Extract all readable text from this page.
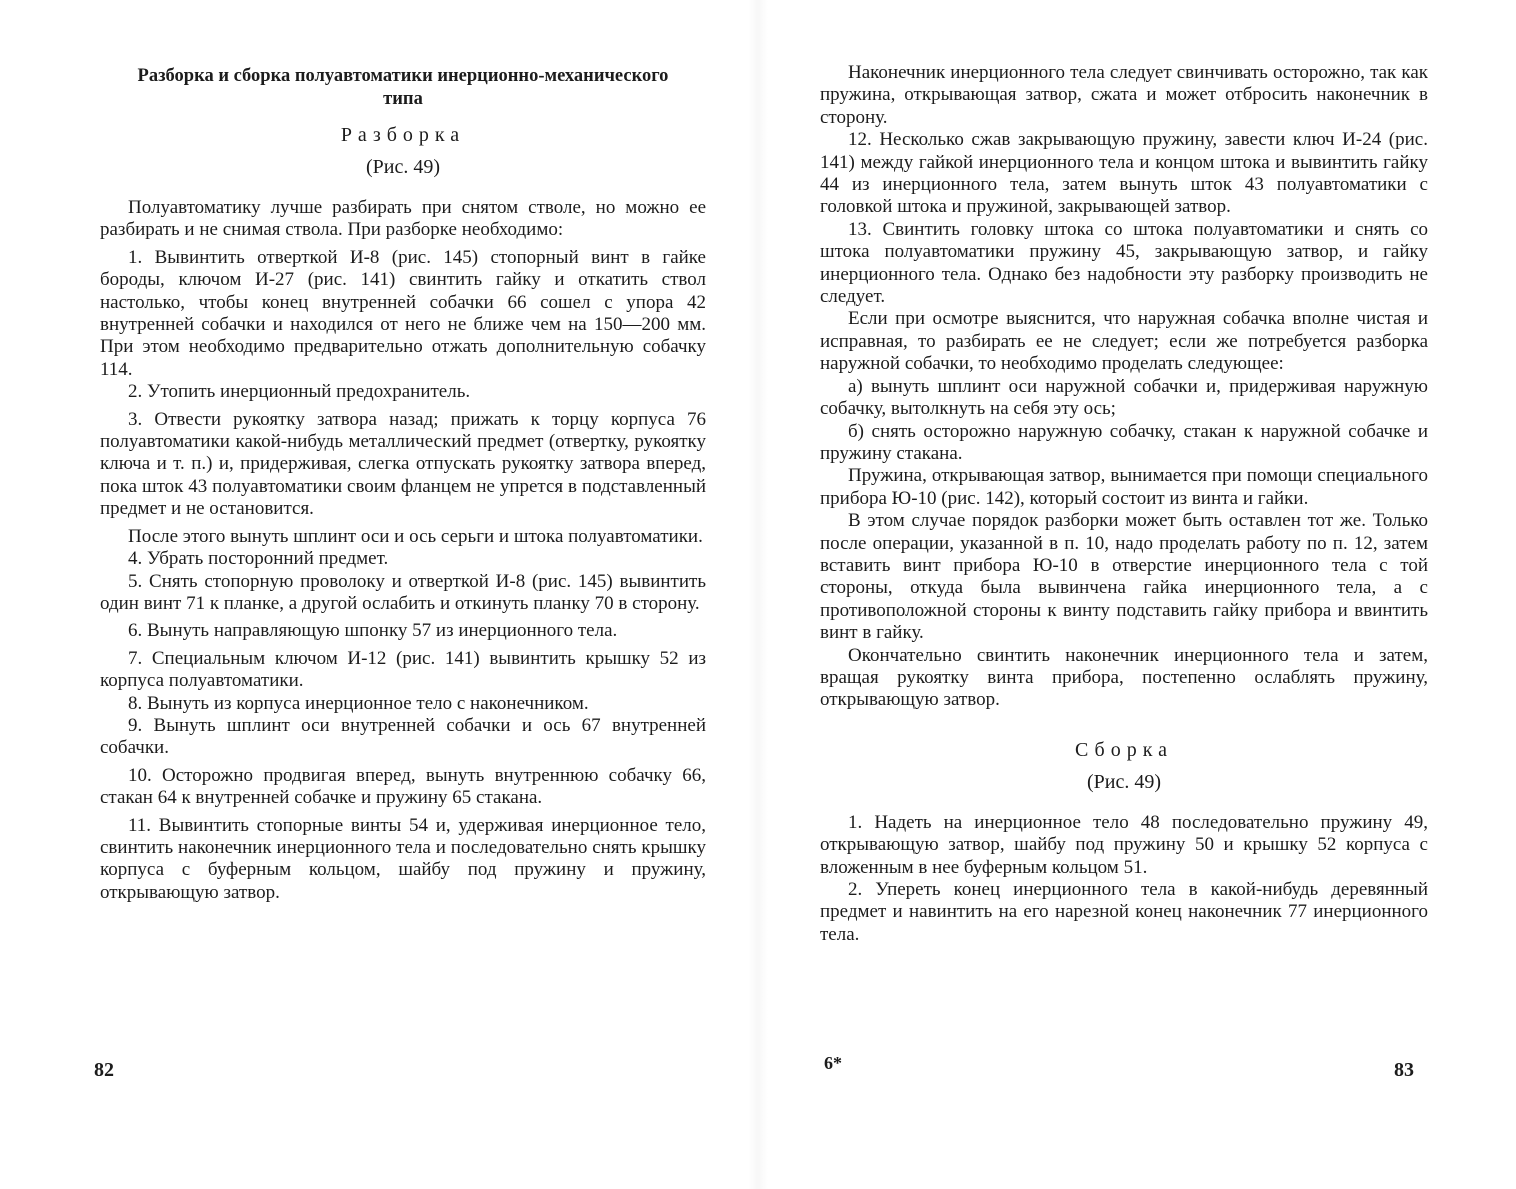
Разборка и сборка полуавтоматики инерционно-механического типа
Разборка
(Рис. 49)

Полуавтоматику лучше разбирать при снятом стволе, но можно ее разбирать и не снимая ствола. При разборке необходимо:

1. Вывинтить отверткой И-8 (рис. 145) стопорный винт в гайке бороды, ключом И-27 (рис. 141) свинтить гайку и откатить ствол настолько, чтобы конец внутренней собачки 66 сошел с упора 42 внутренней собачки и находился от него не ближе чем на 150—200 мм. При этом необходимо предварительно отжать дополнительную собачку 114.

2. Утопить инерционный предохранитель.

3. Отвести рукоятку затвора назад; прижать к торцу корпуса 76 полуавтоматики какой-нибудь металлический предмет (отвертку, рукоятку ключа и т. п.) и, придерживая, слегка отпускать рукоятку затвора вперед, пока шток 43 полуавтоматики своим фланцем не упрется в подставленный предмет и не остановится.

После этого вынуть шплинт оси и ось серьги и штока полуавтоматики.

4. Убрать посторонний предмет.

5. Снять стопорную проволоку и отверткой И-8 (рис. 145) вывинтить один винт 71 к планке, а другой ослабить и откинуть планку 70 в сторону.

6. Вынуть направляющую шпонку 57 из инерционного тела.

7. Специальным ключом И-12 (рис. 141) вывинтить крышку 52 из корпуса полуавтоматики.

8. Вынуть из корпуса инерционное тело с наконечником.

9. Вынуть шплинт оси внутренней собачки и ось 67 внутренней собачки.

10. Осторожно продвигая вперед, вынуть внутреннюю собачку 66, стакан 64 к внутренней собачке и пружину 65 стакана.

11. Вывинтить стопорные винты 54 и, удерживая инерционное тело, свинтить наконечник инерционного тела и последовательно снять крышку корпуса с буферным кольцом, шайбу под пружину и пружину, открывающую затвор.

82

Наконечник инерционного тела следует свинчивать осторожно, так как пружина, открывающая затвор, сжата и может отбросить наконечник в сторону.

12. Несколько сжав закрывающую пружину, завести ключ И-24 (рис. 141) между гайкой инерционного тела и концом штока и вывинтить гайку 44 из инерционного тела, затем вынуть шток 43 полуавтоматики с головкой штока и пружиной, закрывающей затвор.

13. Свинтить головку штока со штока полуавтоматики и снять со штока полуавтоматики пружину 45, закрывающую затвор, и гайку инерционного тела. Однако без надобности эту разборку производить не следует.

Если при осмотре выяснится, что наружная собачка вполне чистая и исправная, то разбирать ее не следует; если же потребуется разборка наружной собачки, то необходимо проделать следующее:

а) вынуть шплинт оси наружной собачки и, придерживая наружную собачку, вытолкнуть на себя эту ось;

б) снять осторожно наружную собачку, стакан к наружной собачке и пружину стакана.

Пружина, открывающая затвор, вынимается при помощи специального прибора Ю-10 (рис. 142), который состоит из винта и гайки.

В этом случае порядок разборки может быть оставлен тот же. Только после операции, указанной в п. 10, надо проделать работу по п. 12, затем вставить винт прибора Ю-10 в отверстие инерционного тела с той стороны, откуда была вывинчена гайка инерционного тела, а с противоположной стороны к винту подставить гайку прибора и ввинтить винт в гайку.

Окончательно свинтить наконечник инерционного тела и затем, вращая рукоятку винта прибора, постепенно ослаблять пружину, открывающую затвор.

Сборка
(Рис. 49)

1. Надеть на инерционное тело 48 последовательно пружину 49, открывающую затвор, шайбу под пружину 50 и крышку 52 корпуса с вложенным в нее буферным кольцом 51.

2. Упереть конец инерционного тела в какой-нибудь деревянный предмет и навинтить на его нарезной конец наконечник 77 инерционного тела.

6*	83
